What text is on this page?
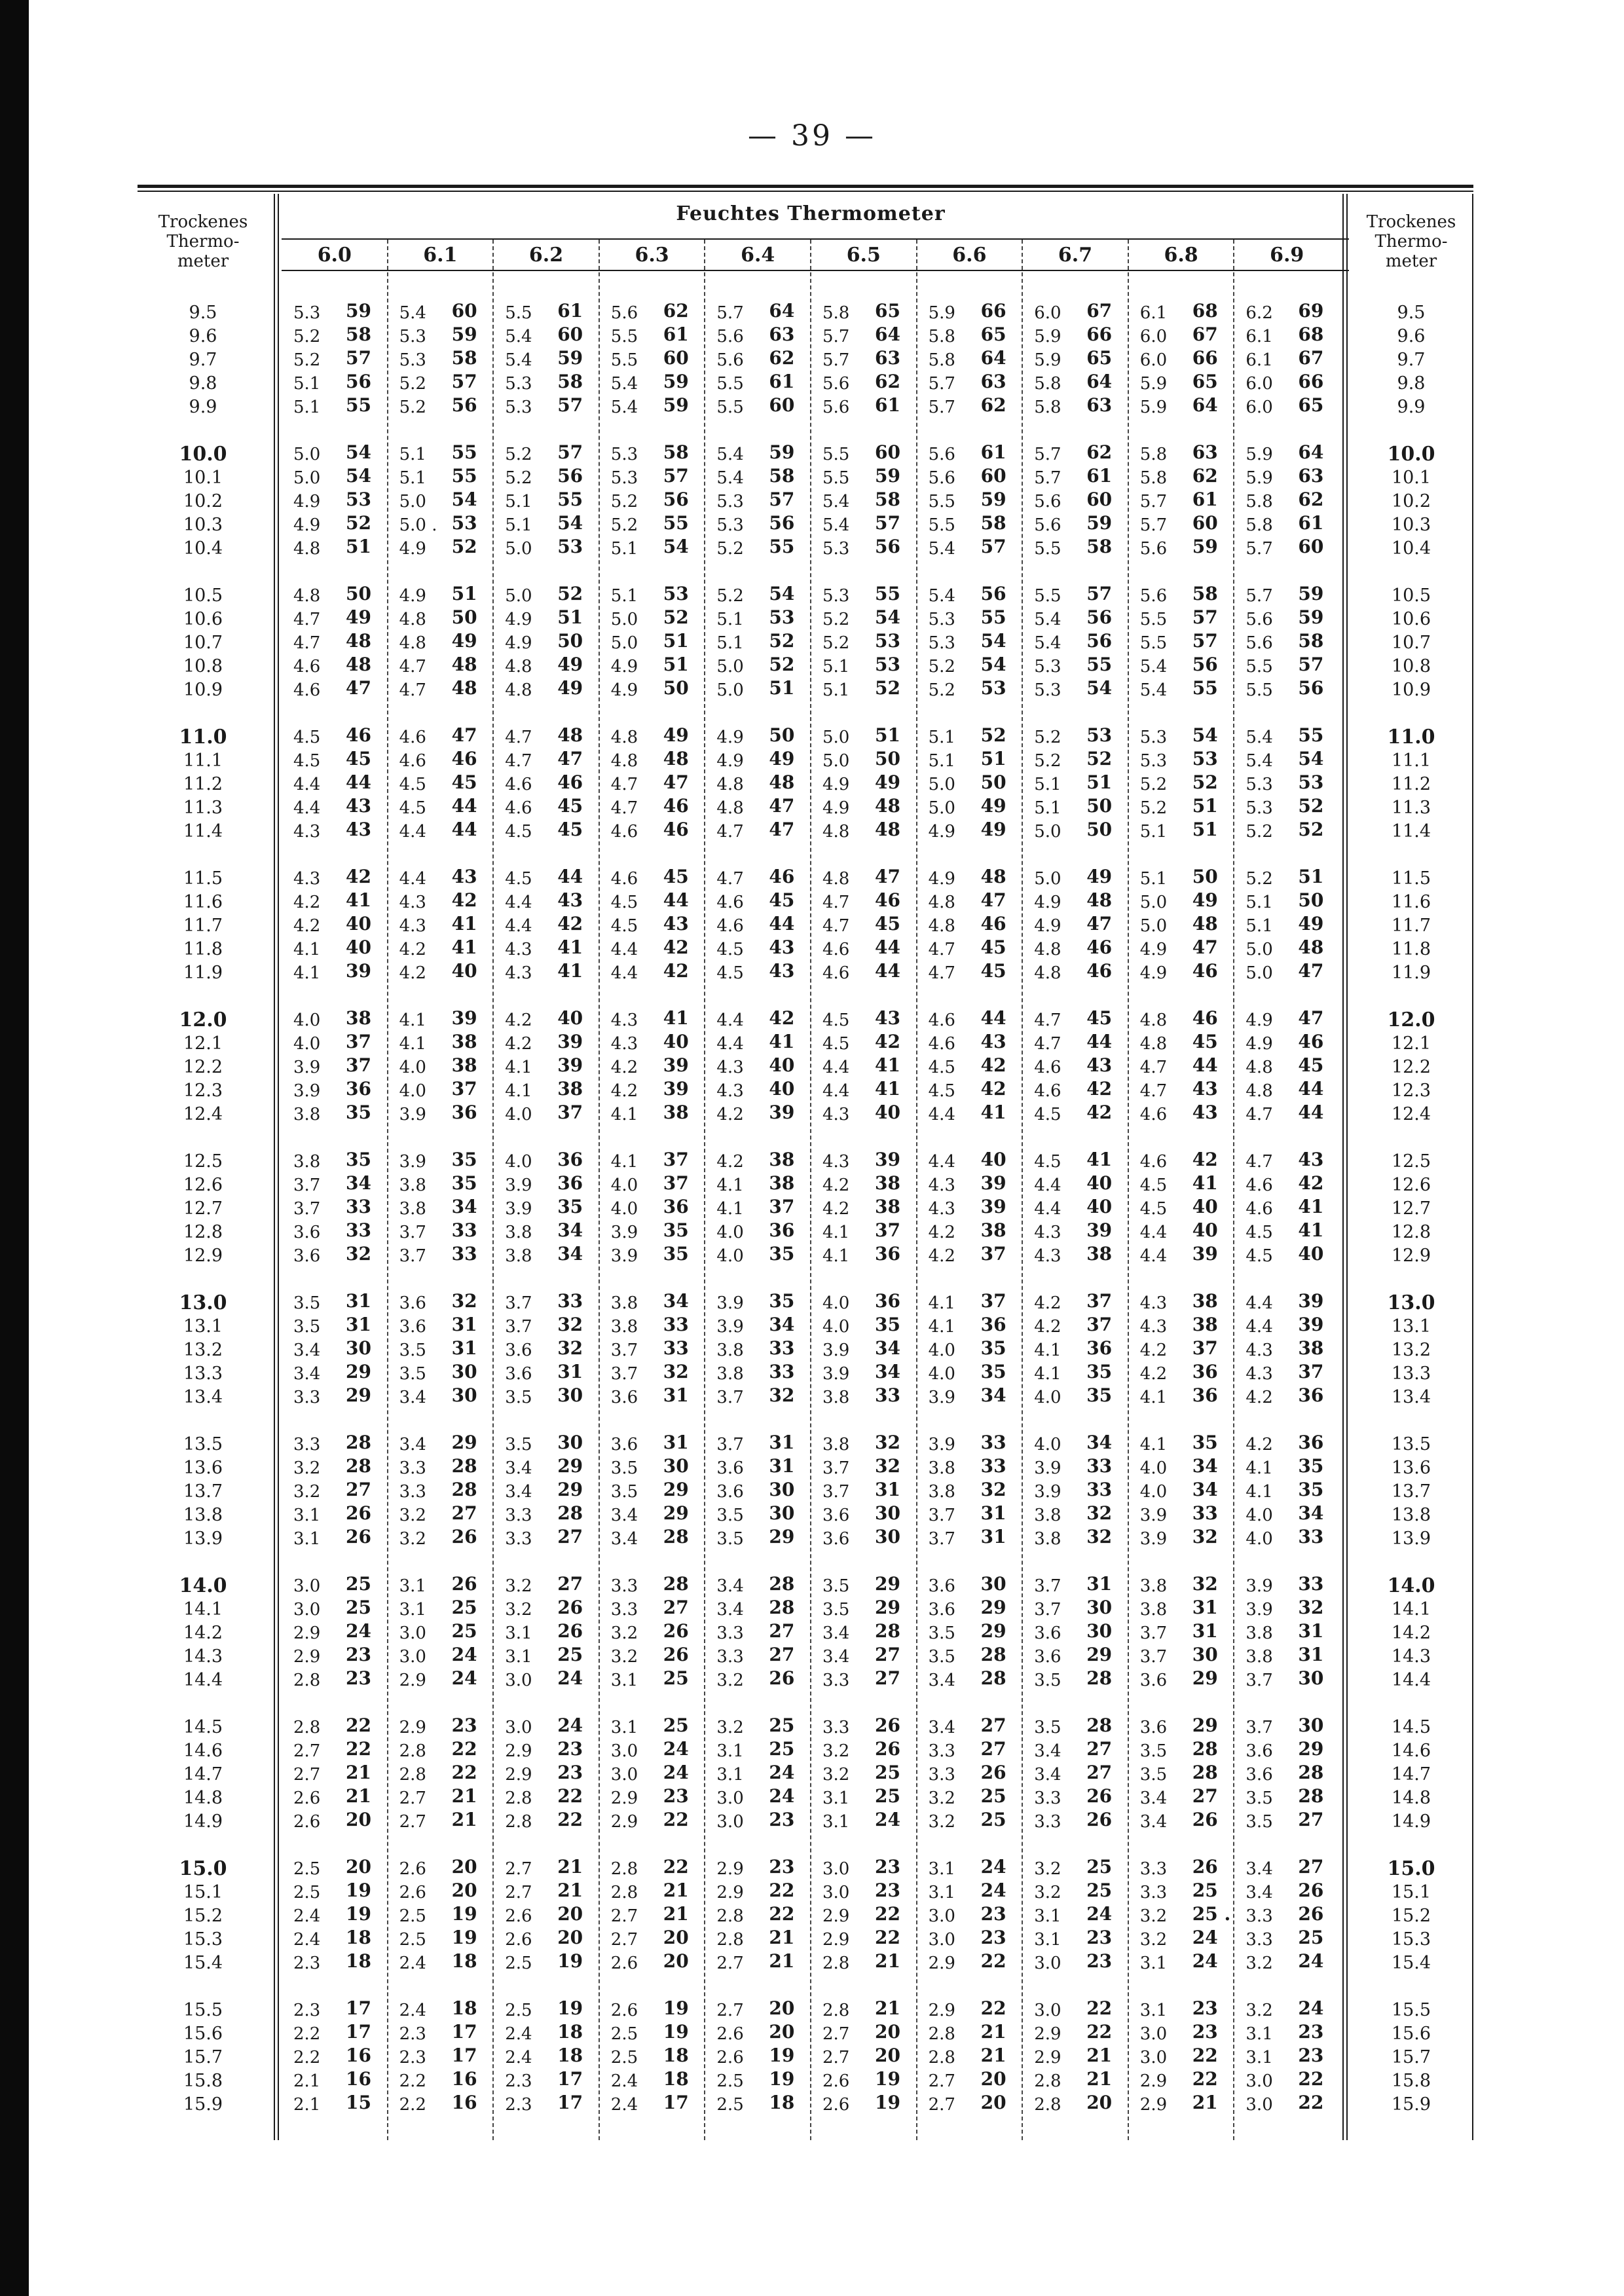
— 39 —
Trockenes
Thermo-
meter
Trockenes
Thermo-
meter
Feuchtes Thermometer
6.0	6.1	6.2	6.3	6.4	6.5	6.6	6.7	6.8	6.9
9.5	9.5
5.3 59 5.4 60 5.5 61 5.6 62 5.7 64 5.8 65 5.9 66 6.0 67 6.1 68 6.2 69
9.6	9.6
5.2 58 5.3 59 5.4 60 5.5 61 5.6 63 5.7 64 5.8 65 5.9 66 6.0 67 6.1 68
9.7	9.7
5.2 57 5.3 58 5.4 59 5.5 60 5.6 62 5.7 63 5.8 64 5.9 65 6.0 66 6.1 67
9.8	9.8
5.1 56 5.2 57 5.3 58 5.4 59 5.5 61 5.6 62 5.7 63 5.8 64 5.9 65 6.0 66
9.9	9.9
5.1 55 5.2 56 5.3 57 5.4 59 5.5 60 5.6 61 5.7 62 5.8 63 5.9 64 6.0 65
10.0	10.0
5.0 54 5.1 55 5.2 57 5.3 58 5.4 59 5.5 60 5.6 61 5.7 62 5.8 63 5.9 64
10.1	10.1
5.0 54 5.1 55 5.2 56 5.3 57 5.4 58 5.5 59 5.6 60 5.7 61 5.8 62 5.9 63
10.2	10.2
4.9 53 5.0 54 5.1 55 5.2 56 5.3 57 5.4 58 5.5 59 5.6 60 5.7 61 5.8 62
10.3	10.3
4.9 52 5.0 . 53 5.1 54 5.2 55 5.3 56 5.4 57 5.5 58 5.6 59 5.7 60 5.8 61
10.4	10.4
4.8 51 4.9 52 5.0 53 5.1 54 5.2 55 5.3 56 5.4 57 5.5 58 5.6 59 5.7 60
10.5	10.5
4.8 50 4.9 51 5.0 52 5.1 53 5.2 54 5.3 55 5.4 56 5.5 57 5.6 58 5.7 59
10.6	10.6
4.7 49 4.8 50 4.9 51 5.0 52 5.1 53 5.2 54 5.3 55 5.4 56 5.5 57 5.6 59
10.7	10.7
4.7 48 4.8 49 4.9 50 5.0 51 5.1 52 5.2 53 5.3 54 5.4 56 5.5 57 5.6 58
10.8	10.8
4.6 48 4.7 48 4.8 49 4.9 51 5.0 52 5.1 53 5.2 54 5.3 55 5.4 56 5.5 57
10.9	10.9
4.6 47 4.7 48 4.8 49 4.9 50 5.0 51 5.1 52 5.2 53 5.3 54 5.4 55 5.5 56
11.0	11.0
4.5 46 4.6 47 4.7 48 4.8 49 4.9 50 5.0 51 5.1 52 5.2 53 5.3 54 5.4 55
11.1	11.1
4.5 45 4.6 46 4.7 47 4.8 48 4.9 49 5.0 50 5.1 51 5.2 52 5.3 53 5.4 54
11.2	11.2
4.4 44 4.5 45 4.6 46 4.7 47 4.8 48 4.9 49 5.0 50 5.1 51 5.2 52 5.3 53
11.3	11.3
4.4 43 4.5 44 4.6 45 4.7 46 4.8 47 4.9 48 5.0 49 5.1 50 5.2 51 5.3 52
11.4	11.4
4.3 43 4.4 44 4.5 45 4.6 46 4.7 47 4.8 48 4.9 49 5.0 50 5.1 51 5.2 52
11.5	11.5
4.3 42 4.4 43 4.5 44 4.6 45 4.7 46 4.8 47 4.9 48 5.0 49 5.1 50 5.2 51
11.6	11.6
4.2 41 4.3 42 4.4 43 4.5 44 4.6 45 4.7 46 4.8 47 4.9 48 5.0 49 5.1 50
11.7	11.7
4.2 40 4.3 41 4.4 42 4.5 43 4.6 44 4.7 45 4.8 46 4.9 47 5.0 48 5.1 49
11.8	11.8
4.1 40 4.2 41 4.3 41 4.4 42 4.5 43 4.6 44 4.7 45 4.8 46 4.9 47 5.0 48
11.9	11.9
4.1 39 4.2 40 4.3 41 4.4 42 4.5 43 4.6 44 4.7 45 4.8 46 4.9 46 5.0 47
12.0	12.0
4.0 38 4.1 39 4.2 40 4.3 41 4.4 42 4.5 43 4.6 44 4.7 45 4.8 46 4.9 47
12.1	12.1
4.0 37 4.1 38 4.2 39 4.3 40 4.4 41 4.5 42 4.6 43 4.7 44 4.8 45 4.9 46
12.2	12.2
3.9 37 4.0 38 4.1 39 4.2 39 4.3 40 4.4 41 4.5 42 4.6 43 4.7 44 4.8 45
12.3	12.3
3.9 36 4.0 37 4.1 38 4.2 39 4.3 40 4.4 41 4.5 42 4.6 42 4.7 43 4.8 44
12.4	12.4
3.8 35 3.9 36 4.0 37 4.1 38 4.2 39 4.3 40 4.4 41 4.5 42 4.6 43 4.7 44
12.5	12.5
3.8 35 3.9 35 4.0 36 4.1 37 4.2 38 4.3 39 4.4 40 4.5 41 4.6 42 4.7 43
12.6	12.6
3.7 34 3.8 35 3.9 36 4.0 37 4.1 38 4.2 38 4.3 39 4.4 40 4.5 41 4.6 42
12.7	12.7
3.7 33 3.8 34 3.9 35 4.0 36 4.1 37 4.2 38 4.3 39 4.4 40 4.5 40 4.6 41
12.8	12.8
3.6 33 3.7 33 3.8 34 3.9 35 4.0 36 4.1 37 4.2 38 4.3 39 4.4 40 4.5 41
12.9	12.9
3.6 32 3.7 33 3.8 34 3.9 35 4.0 35 4.1 36 4.2 37 4.3 38 4.4 39 4.5 40
13.0	13.0
3.5 31 3.6 32 3.7 33 3.8 34 3.9 35 4.0 36 4.1 37 4.2 37 4.3 38 4.4 39
13.1	13.1
3.5 31 3.6 31 3.7 32 3.8 33 3.9 34 4.0 35 4.1 36 4.2 37 4.3 38 4.4 39
13.2	13.2
3.4 30 3.5 31 3.6 32 3.7 33 3.8 33 3.9 34 4.0 35 4.1 36 4.2 37 4.3 38
13.3	13.3
3.4 29 3.5 30 3.6 31 3.7 32 3.8 33 3.9 34 4.0 35 4.1 35 4.2 36 4.3 37
13.4	13.4
3.3 29 3.4 30 3.5 30 3.6 31 3.7 32 3.8 33 3.9 34 4.0 35 4.1 36 4.2 36
13.5	13.5
3.3 28 3.4 29 3.5 30 3.6 31 3.7 31 3.8 32 3.9 33 4.0 34 4.1 35 4.2 36
13.6	13.6
3.2 28 3.3 28 3.4 29 3.5 30 3.6 31 3.7 32 3.8 33 3.9 33 4.0 34 4.1 35
13.7	13.7
3.2 27 3.3 28 3.4 29 3.5 29 3.6 30 3.7 31 3.8 32 3.9 33 4.0 34 4.1 35
13.8	13.8
3.1 26 3.2 27 3.3 28 3.4 29 3.5 30 3.6 30 3.7 31 3.8 32 3.9 33 4.0 34
13.9	13.9
3.1 26 3.2 26 3.3 27 3.4 28 3.5 29 3.6 30 3.7 31 3.8 32 3.9 32 4.0 33
14.0	14.0
3.0 25 3.1 26 3.2 27 3.3 28 3.4 28 3.5 29 3.6 30 3.7 31 3.8 32 3.9 33
14.1	14.1
3.0 25 3.1 25 3.2 26 3.3 27 3.4 28 3.5 29 3.6 29 3.7 30 3.8 31 3.9 32
14.2	14.2
2.9 24 3.0 25 3.1 26 3.2 26 3.3 27 3.4 28 3.5 29 3.6 30 3.7 31 3.8 31
14.3	14.3
2.9 23 3.0 24 3.1 25 3.2 26 3.3 27 3.4 27 3.5 28 3.6 29 3.7 30 3.8 31
14.4	14.4
2.8 23 2.9 24 3.0 24 3.1 25 3.2 26 3.3 27 3.4 28 3.5 28 3.6 29 3.7 30
14.5	14.5
2.8 22 2.9 23 3.0 24 3.1 25 3.2 25 3.3 26 3.4 27 3.5 28 3.6 29 3.7 30
14.6	14.6
2.7 22 2.8 22 2.9 23 3.0 24 3.1 25 3.2 26 3.3 27 3.4 27 3.5 28 3.6 29
14.7	14.7
2.7 21 2.8 22 2.9 23 3.0 24 3.1 24 3.2 25 3.3 26 3.4 27 3.5 28 3.6 28
14.8	14.8
2.6 21 2.7 21 2.8 22 2.9 23 3.0 24 3.1 25 3.2 25 3.3 26 3.4 27 3.5 28
14.9	14.9
2.6 20 2.7 21 2.8 22 2.9 22 3.0 23 3.1 24 3.2 25 3.3 26 3.4 26 3.5 27
15.0	15.0
2.5 20 2.6 20 2.7 21 2.8 22 2.9 23 3.0 23 3.1 24 3.2 25 3.3 26 3.4 27
15.1	15.1
2.5 19 2.6 20 2.7 21 2.8 21 2.9 22 3.0 23 3.1 24 3.2 25 3.3 25 3.4 26
15.2	15.2
2.4 19 2.5 19 2.6 20 2.7 21 2.8 22 2.9 22 3.0 23 3.1 24 3.2 25 . 3.3 26
15.3	15.3
2.4 18 2.5 19 2.6 20 2.7 20 2.8 21 2.9 22 3.0 23 3.1 23 3.2 24 3.3 25
15.4	15.4
2.3 18 2.4 18 2.5 19 2.6 20 2.7 21 2.8 21 2.9 22 3.0 23 3.1 24 3.2 24
15.5	15.5
2.3 17 2.4 18 2.5 19 2.6 19 2.7 20 2.8 21 2.9 22 3.0 22 3.1 23 3.2 24
15.6	15.6
2.2 17 2.3 17 2.4 18 2.5 19 2.6 20 2.7 20 2.8 21 2.9 22 3.0 23 3.1 23
15.7	15.7
2.2 16 2.3 17 2.4 18 2.5 18 2.6 19 2.7 20 2.8 21 2.9 21 3.0 22 3.1 23
15.8	15.8
2.1 16 2.2 16 2.3 17 2.4 18 2.5 19 2.6 19 2.7 20 2.8 21 2.9 22 3.0 22
15.9	15.9
2.1 15 2.2 16 2.3 17 2.4 17 2.5 18 2.6 19 2.7 20 2.8 20 2.9 21 3.0 22
